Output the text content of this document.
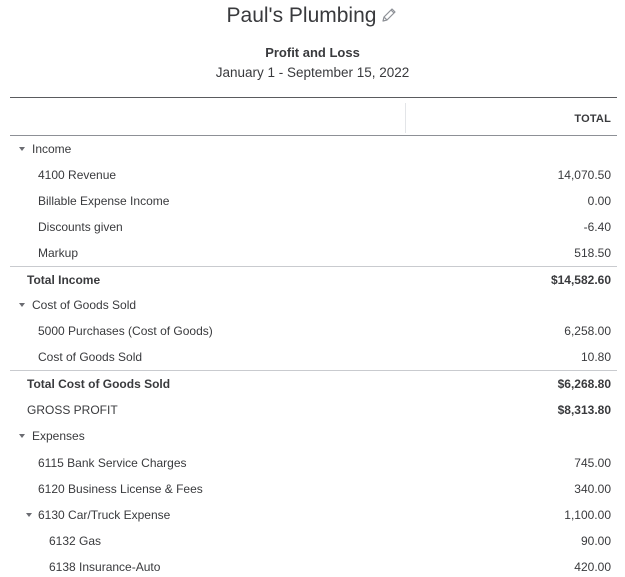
Paul's Plumbing
Profit and Loss
January 1 - September 15, 2022
TOTAL
Income
4100 Revenue	14,070.50
Billable Expense Income	0.00
Discounts given	-6.40
Markup	518.50
Total Income	$14,582.60
Cost of Goods Sold
5000 Purchases (Cost of Goods)	6,258.00
Cost of Goods Sold	10.80
Total Cost of Goods Sold	$6,268.80
GROSS PROFIT	$8,313.80
Expenses
6115 Bank Service Charges	745.00
6120 Business License & Fees	340.00
6130 Car/Truck Expense	1,100.00
6132 Gas	90.00
6138 Insurance-Auto	420.00
